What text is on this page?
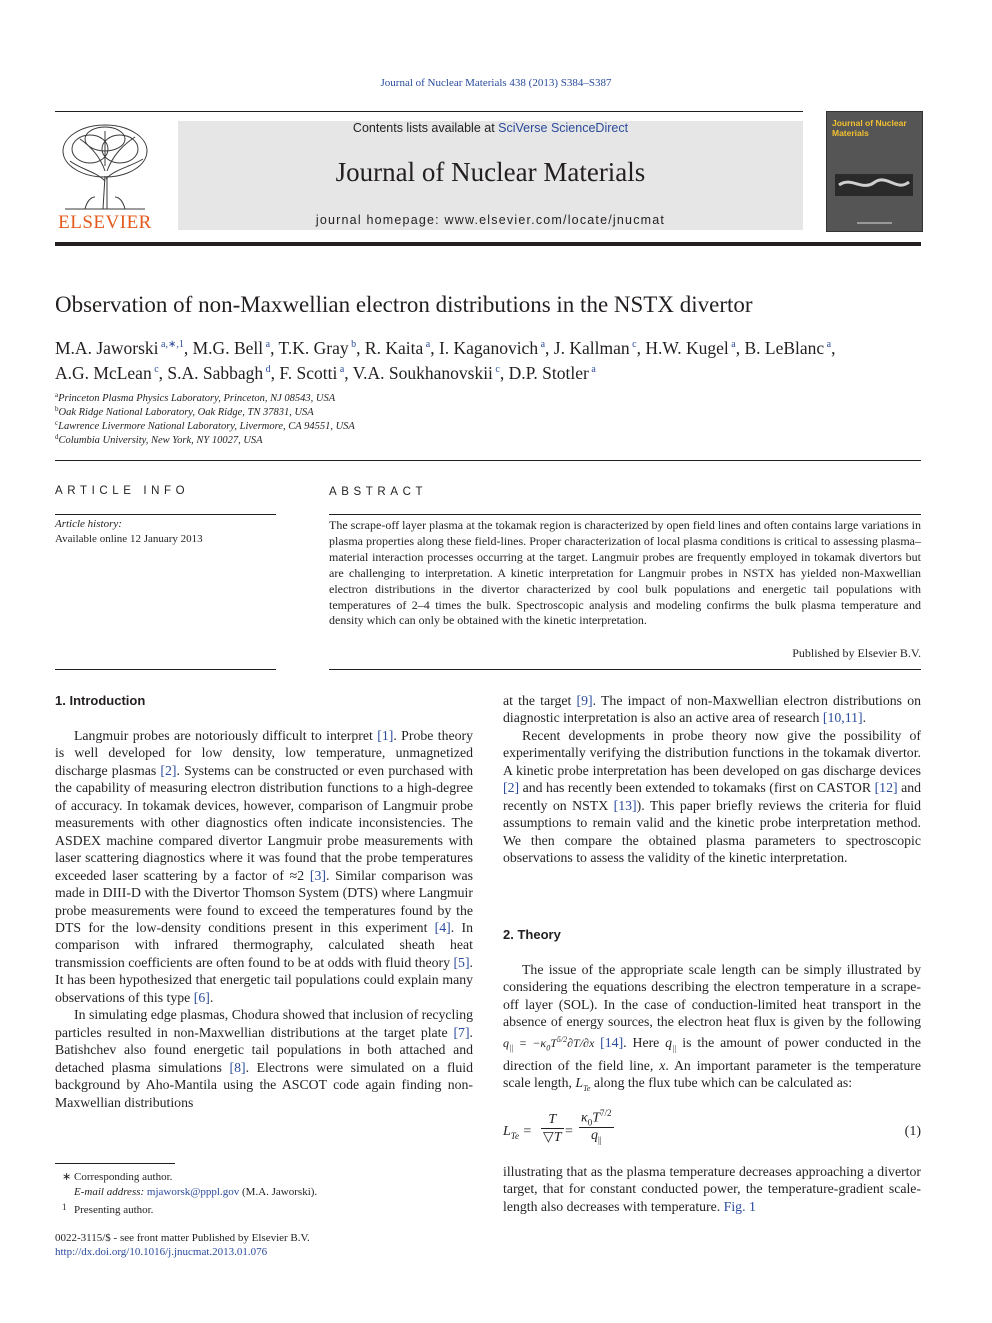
Journal of Nuclear Materials 438 (2013) S384–S387
ELSEVIER
Contents lists available at SciVerse ScienceDirect
Journal of Nuclear Materials
journal homepage: www.elsevier.com/locate/jnucmat
Journal of Nuclear Materials
Observation of non-Maxwellian electron distributions in the NSTX divertor
M.A. Jaworski $^{a,∗,1}$, M.G. Bell $^a$, T.K. Gray $^b$, R. Kaita $^a$, I. Kaganovich $^a$, J. Kallman $^c$, H.W. Kugel $^a$, B. LeBlanc $^a$,
A.G. McLean $^c$, S.A. Sabbagh $^d$, F. Scotti $^a$, V.A. Soukhanovskii $^c$, D.P. Stotler $^a$
$^a$Princeton Plasma Physics Laboratory, Princeton, NJ 08543, USA
$^b$Oak Ridge National Laboratory, Oak Ridge, TN 37831, USA
$^c$Lawrence Livermore National Laboratory, Livermore, CA 94551, USA
$^d$Columbia University, New York, NY 10027, USA
ARTICLE INFO
Article history:
Available online 12 January 2013
ABSTRACT
The scrape-off layer plasma at the tokamak region is characterized by open field lines and often contains large variations in plasma properties along these field-lines. Proper characterization of local plasma conditions is critical to assessing plasma–material interaction processes occurring at the target. Langmuir probes are frequently employed in tokamak divertors but are challenging to interpretation. A kinetic interpretation for Langmuir probes in NSTX has yielded non-Maxwellian electron distributions in the divertor characterized by cool bulk populations and energetic tail populations with temperatures of 2–4 times the bulk. Spectroscopic analysis and modeling confirms the bulk plasma temperature and density which can only be obtained with the kinetic interpretation.
Published by Elsevier B.V.
1. Introduction

Langmuir probes are notoriously difficult to interpret [1]. Probe theory is well developed for low density, low temperature, unmagnetized discharge plasmas [2]. Systems can be constructed or even purchased with the capability of measuring electron distribution functions to a high-degree of accuracy. In tokamak devices, however, comparison of Langmuir probe measurements with other diagnostics often indicate inconsistencies. The ASDEX machine compared divertor Langmuir probe measurements with laser scattering diagnostics where it was found that the probe temperatures exceeded laser scattering by a factor of ≈2 [3]. Similar comparison was made in DIII-D with the Divertor Thomson System (DTS) where Langmuir probe measurements were found to exceed the temperatures found by the DTS for the low-density conditions present in this experiment [4]. In comparison with infrared thermography, calculated sheath heat transmission coefficients are often found to be at odds with fluid theory [5]. It has been hypothesized that energetic tail populations could explain many observations of this type [6].

In simulating edge plasmas, Chodura showed that inclusion of recycling particles resulted in non-Maxwellian distributions at the target plate [7]. Batishchev also found energetic tail populations in both attached and detached plasma simulations [8]. Electrons were simulated on a fluid background by Aho-Mantila using the ASCOT code again finding non-Maxwellian distributions

at the target [9]. The impact of non-Maxwellian electron distributions on diagnostic interpretation is also an active area of research [10,11].

Recent developments in probe theory now give the possibility of experimentally verifying the distribution functions in the tokamak divertor. A kinetic probe interpretation has been developed on gas discharge devices [2] and has recently been extended to tokamaks (first on CASTOR [12] and recently on NSTX [13]). This paper briefly reviews the criteria for fluid assumptions to remain valid and the kinetic probe interpretation method. We then compare the obtained plasma parameters to spectroscopic observations to assess the validity of the kinetic interpretation.

2. Theory

The issue of the appropriate scale length can be simply illustrated by considering the equations describing the electron temperature in a scrape-off layer (SOL). In the case of conduction-limited heat transport in the absence of energy sources, the electron heat flux is given by the following $q_{||} = -\kappa_0T^{5/2}\partial T/\partial x$ [14]. Here $q_{||}$ is the amount of power conducted in the direction of the field line, x. An important parameter is the temperature scale length, $L_{Te}$ along the flux tube which can be calculated as:

$L_{Te} = \frac{T}{▽T} = \frac{\kappa_0T^{7/2}}{q_{||}}$	(1)

illustrating that as the plasma temperature decreases approaching a divertor target, that for constant conducted power, the temperature-gradient scale-length also decreases with temperature. Fig. 1

∗ Corresponding author.
E-mail address: mjaworsk@pppl.gov (M.A. Jaworski).
1 Presenting author.
0022-3115/$ - see front matter Published by Elsevier B.V.
http://dx.doi.org/10.1016/j.jnucmat.2013.01.076
